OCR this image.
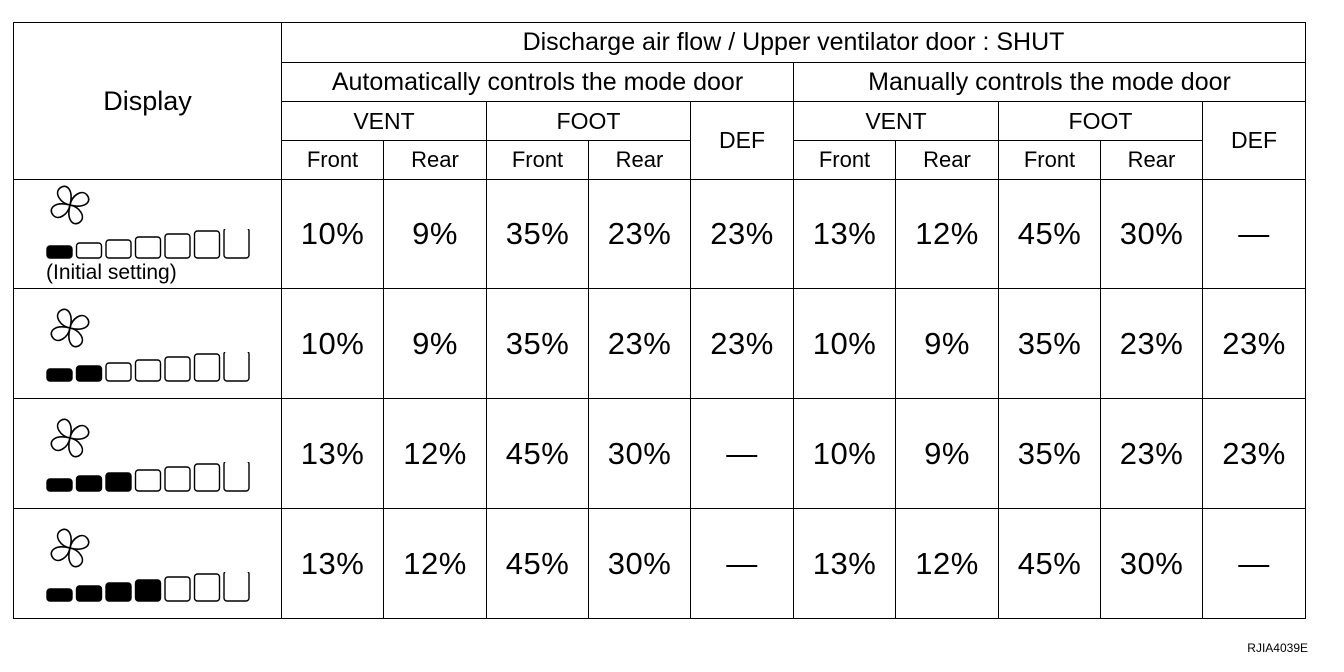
Display	Discharge air flow / Upper ventilator door : SHUT									
	Automatically controls the mode door					Manually controls the mode door				
	VENT		FOOT		DEF	VENT		FOOT		DEF
	Front	Rear	Front	Rear		Front	Rear	Front	Rear	

(Initial setting)	10%	9%	35%	23%	23%	13%	12%	45%	30%	—

	10%	9%	35%	23%	23%	10%	9%	35%	23%	23%

	13%	12%	45%	30%	—	10%	9%	35%	23%	23%

	13%	12%	45%	30%	—	13%	12%	45%	30%	—
RJIA4039E
